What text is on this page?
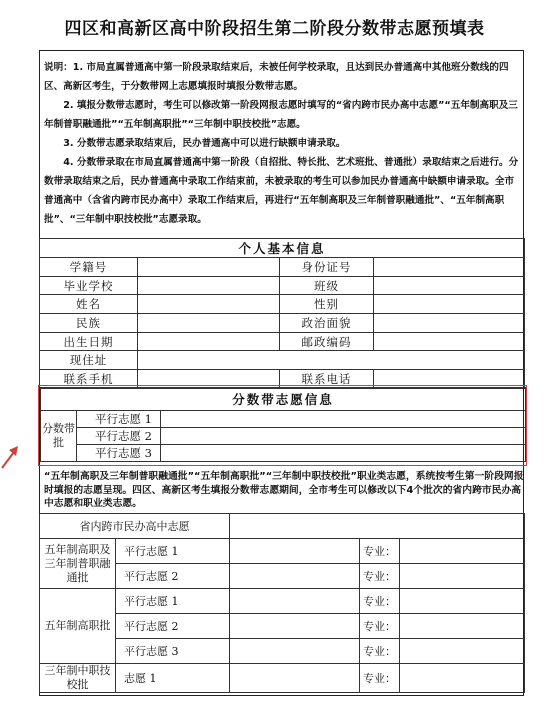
四区和高新区高中阶段招生第二阶段分数带志愿预填表

说明：1. 市局直属普通高中第一阶段录取结束后，未被任何学校录取，且达到民办普通高中其他班分数线的四区、高新区考生，于分数带网上志愿填报时填报分数带志愿。

2. 填报分数带志愿时，考生可以修改第一阶段网报志愿时填写的“省内跨市民办高中志愿”“五年制高职及三年制普职融通批”“五年制高职批”“三年制中职技校批”志愿。

3. 分数带志愿录取结束后，民办普通高中可以进行缺额申请录取。

4. 分数带录取在市局直属普通高中第一阶段（自招批、特长批、艺术班批、普通批）录取结束之后进行。分数带录取结束之后，民办普通高中录取工作结束前，未被录取的考生可以参加民办普通高中缺额申请录取。全市普通高中（含省内跨市民办高中）录取工作结束后，再进行“五年制高职及三年制普职融通批”、“五年制高职批”、“三年制中职技校批”志愿录取。

个人基本信息			
学籍号		身份证号	
毕业学校		班级	
姓名		性别	
民族		政治面貌	
出生日期		邮政编码	
现住址			
联系手机		联系电话	
分数带志愿信息		
分数带批	平行志愿 1	
	平行志愿 2	
	平行志愿 3	
“五年制高职及三年制普职融通批”“五年制高职批”“三年制中职技校批”职业类志愿，系统按考生第一阶段网报时填报的志愿呈现。四区、高新区考生填报分数带志愿期间，全市考生可以修改以下4个批次的省内跨市民办高中志愿和职业类志愿。
省内跨市民办高中志愿				
五年制高职及三年制普职融通批	平行志愿 1		专业：	
	平行志愿 2		专业：	
五年制高职批	平行志愿 1		专业：	
	平行志愿 2		专业：	
	平行志愿 3		专业：	
三年制中职技校批	志愿 1		专业：	
